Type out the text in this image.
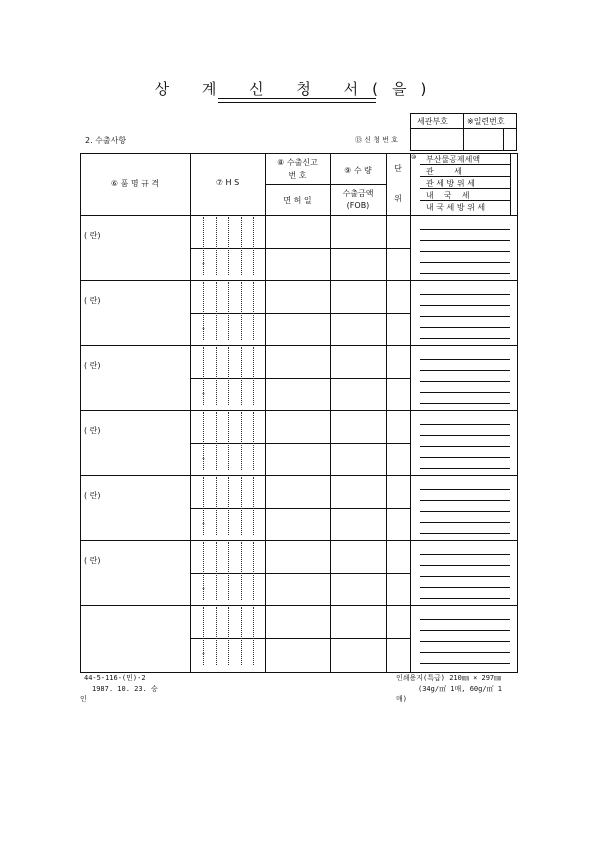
상 계 신 청 서(을)
세관부호 ※일련번호
2. 수출사항	⑬ 신 청 번 호
⑥ 품 명 규 격	⑦ H S
⑧ 수출신고
번 호
면 허 일
⑨ 수 량
수출금액
(FOB)
단
위
⑩ 부산물공제세액
관        세
관 세 방 위 세
내    국    세
내 국 세 방 위 세
( 란)
-
( 란)
-
( 란)
-
( 란)
-
( 란)
-
( 란)
-
-
44-5-116-(민)-2
1987. 10. 23. 승
인
인쇄용지(특급) 210㎜ × 297㎜
(34g/㎡ 1매, 60g/㎡ 1
매)
